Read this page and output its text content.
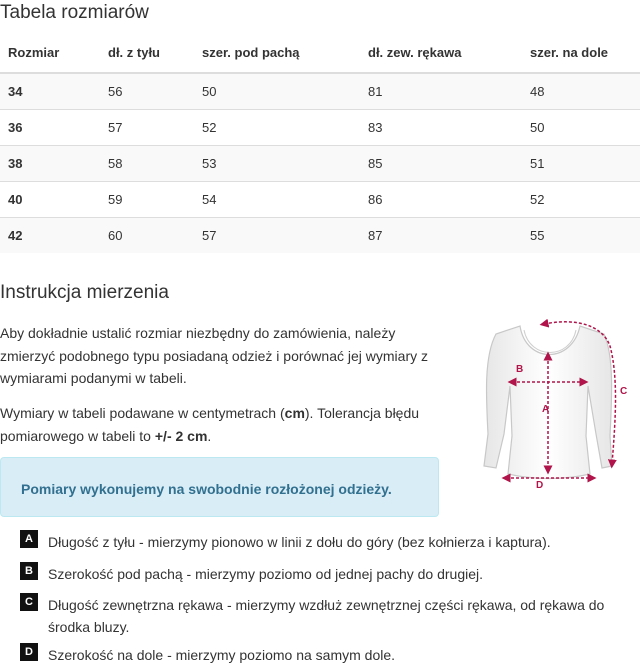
Tabela rozmiarów
Rozmiar	dł. z tyłu	szer. pod pachą	dł. zew. rękawa	szer. na dole
34	56	50	81	48
36	57	52	83	50
38	58	53	85	51
40	59	54	86	52
42	60	57	87	55
Instrukcja mierzenia

Aby dokładnie ustalić rozmiar niezbędny do zamówienia, należy zmierzyć podobnego typu posiadaną odzież i porównać jej wymiary z wymiarami podanymi w tabeli.

Wymiary w tabeli podawane w centymetrach (cm). Tolerancja błędu pomiarowego w tabeli to +/- 2 cm.

Pomiary wykonujemy na swobodnie rozłożonej odzieży.
A
B
C
D
A	Długość z tyłu - mierzymy pionowo w linii z dołu do góry (bez kołnierza i kaptura).
B	Szerokość pod pachą - mierzymy poziomo od jednej pachy do drugiej.
C	Długość zewnętrzna rękawa - mierzymy wzdłuż zewnętrznej części rękawa, od rękawa do środka bluzy.
D	Szerokość na dole - mierzymy poziomo na samym dole.
